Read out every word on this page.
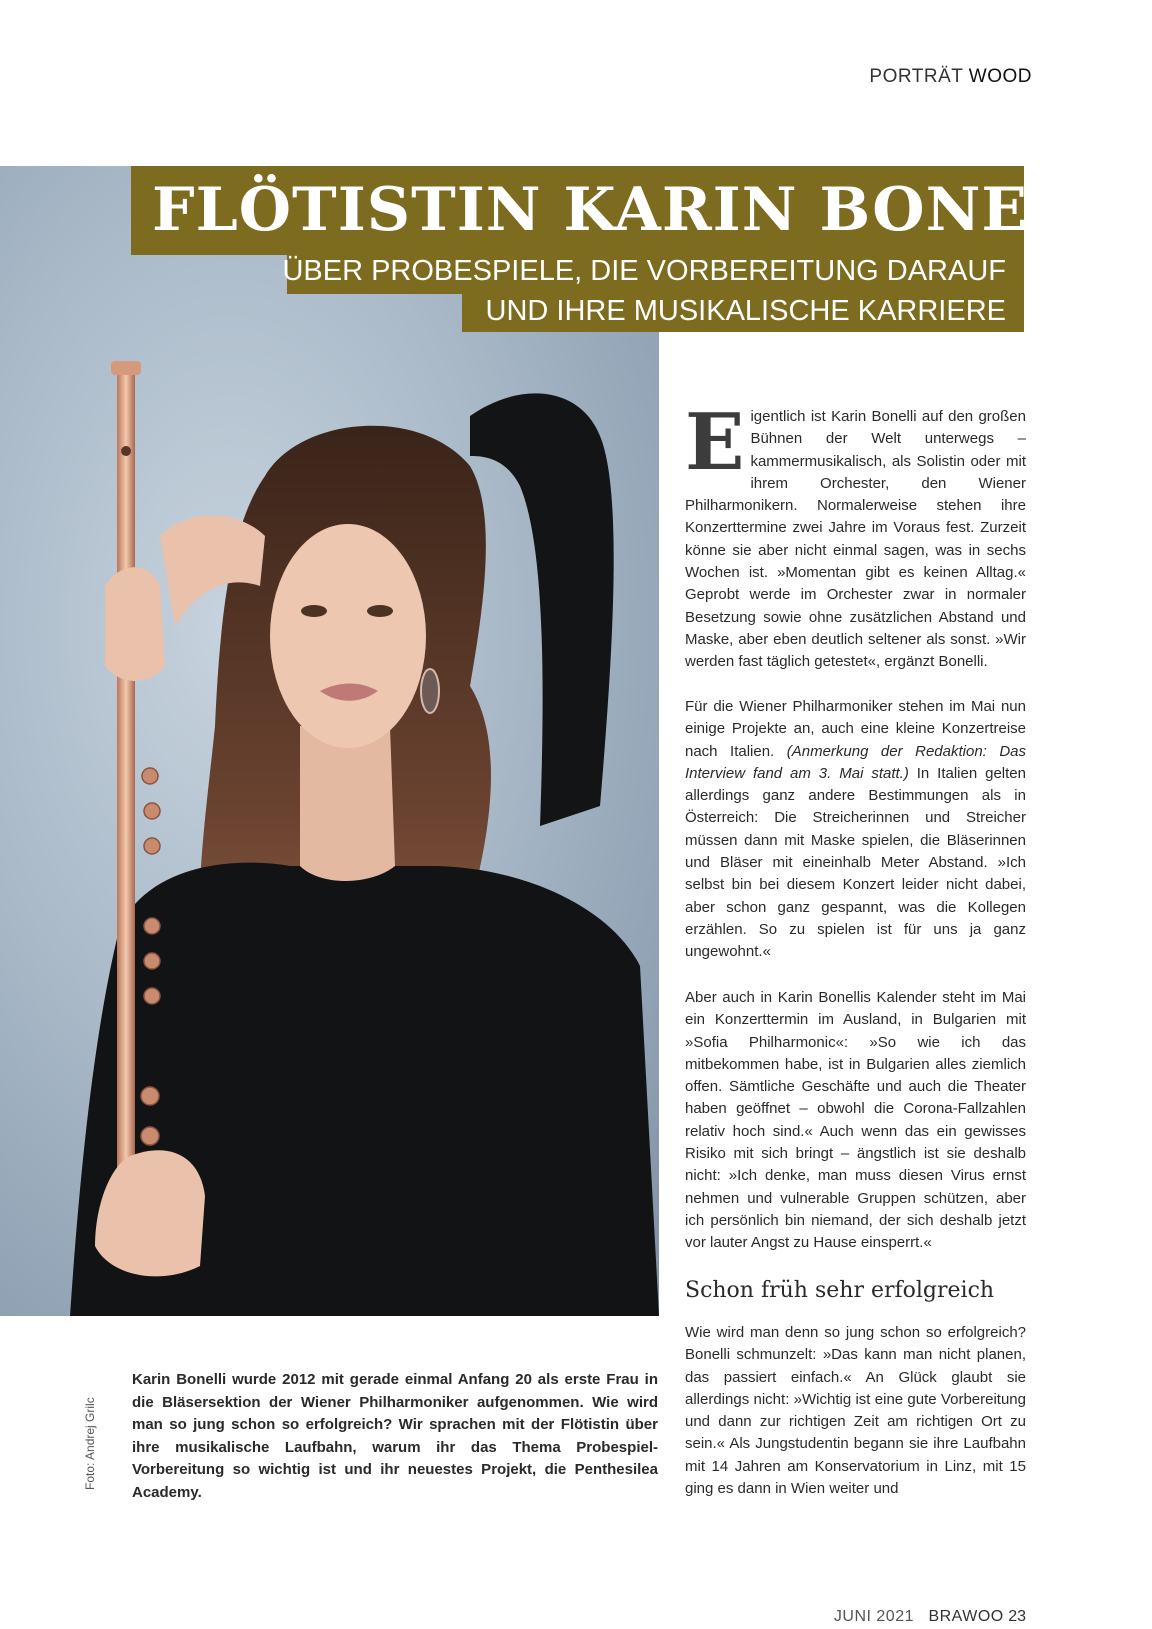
PORTRÄT WOOD
FLÖTISTIN KARIN BONELLI
ÜBER PROBESPIELE, DIE VORBEREITUNG DARAUF
UND IHRE MUSIKALISCHE KARRIERE
E igentlich ist Karin Bonelli auf den großen Bühnen der Welt unterwegs – kammermusikalisch, als Solistin oder mit ihrem Orchester, den Wiener Philharmonikern. Normalerweise stehen ihre Konzerttermine zwei Jahre im Voraus fest. Zurzeit könne sie aber nicht einmal sagen, was in sechs Wochen ist. »Momentan gibt es keinen Alltag.« Geprobt werde im Orchester zwar in normaler Besetzung sowie ohne zusätzlichen Abstand und Maske, aber eben deutlich seltener als sonst. »Wir werden fast täglich getestet«, ergänzt Bonelli.

Für die Wiener Philharmoniker stehen im Mai nun einige Projekte an, auch eine kleine Konzertreise nach Italien. (Anmerkung der Redaktion: Das Interview fand am 3. Mai statt.) In Italien gelten allerdings ganz andere Bestimmungen als in Österreich: Die Streicherinnen und Streicher müssen dann mit Maske spielen, die Bläserinnen und Bläser mit eineinhalb Meter Abstand. »Ich selbst bin bei diesem Konzert leider nicht dabei, aber schon ganz gespannt, was die Kollegen erzählen. So zu spielen ist für uns ja ganz ungewohnt.«

Aber auch in Karin Bonellis Kalender steht im Mai ein Konzerttermin im Ausland, in Bulgarien mit »Sofia Philharmonic«: »So wie ich das mitbekommen habe, ist in Bulgarien alles ziemlich offen. Sämtliche Geschäfte und auch die Theater haben geöffnet – obwohl die Corona-Fallzahlen relativ hoch sind.« Auch wenn das ein gewisses Risiko mit sich bringt – ängstlich ist sie deshalb nicht: »Ich denke, man muss diesen Virus ernst nehmen und vulnerable Gruppen schützen, aber ich persönlich bin niemand, der sich deshalb jetzt vor lauter Angst zu Hause einsperrt.«

Schon früh sehr erfolgreich

Wie wird man denn so jung schon so erfolgreich? Bonelli schmunzelt: »Das kann man nicht planen, das passiert einfach.« An Glück glaubt sie allerdings nicht: »Wichtig ist eine gute Vorbereitung und dann zur richtigen Zeit am richtigen Ort zu sein.« Als Jungstudentin begann sie ihre Laufbahn mit 14 Jahren am Konservatorium in Linz, mit 15 ging es dann in Wien weiter und

Karin Bonelli wurde 2012 mit gerade einmal Anfang 20 als erste Frau in die Bläsersektion der Wiener Philharmoniker aufgenommen. Wie wird man so jung schon so erfolgreich? Wir sprachen mit der Flötistin über ihre musikalische Laufbahn, warum ihr das Thema Probespiel-Vorbereitung so wichtig ist und ihr neuestes Projekt, die Penthesilea Academy.
Foto: Andrej Grilc
JUNI 2021 BRAWOO 23
